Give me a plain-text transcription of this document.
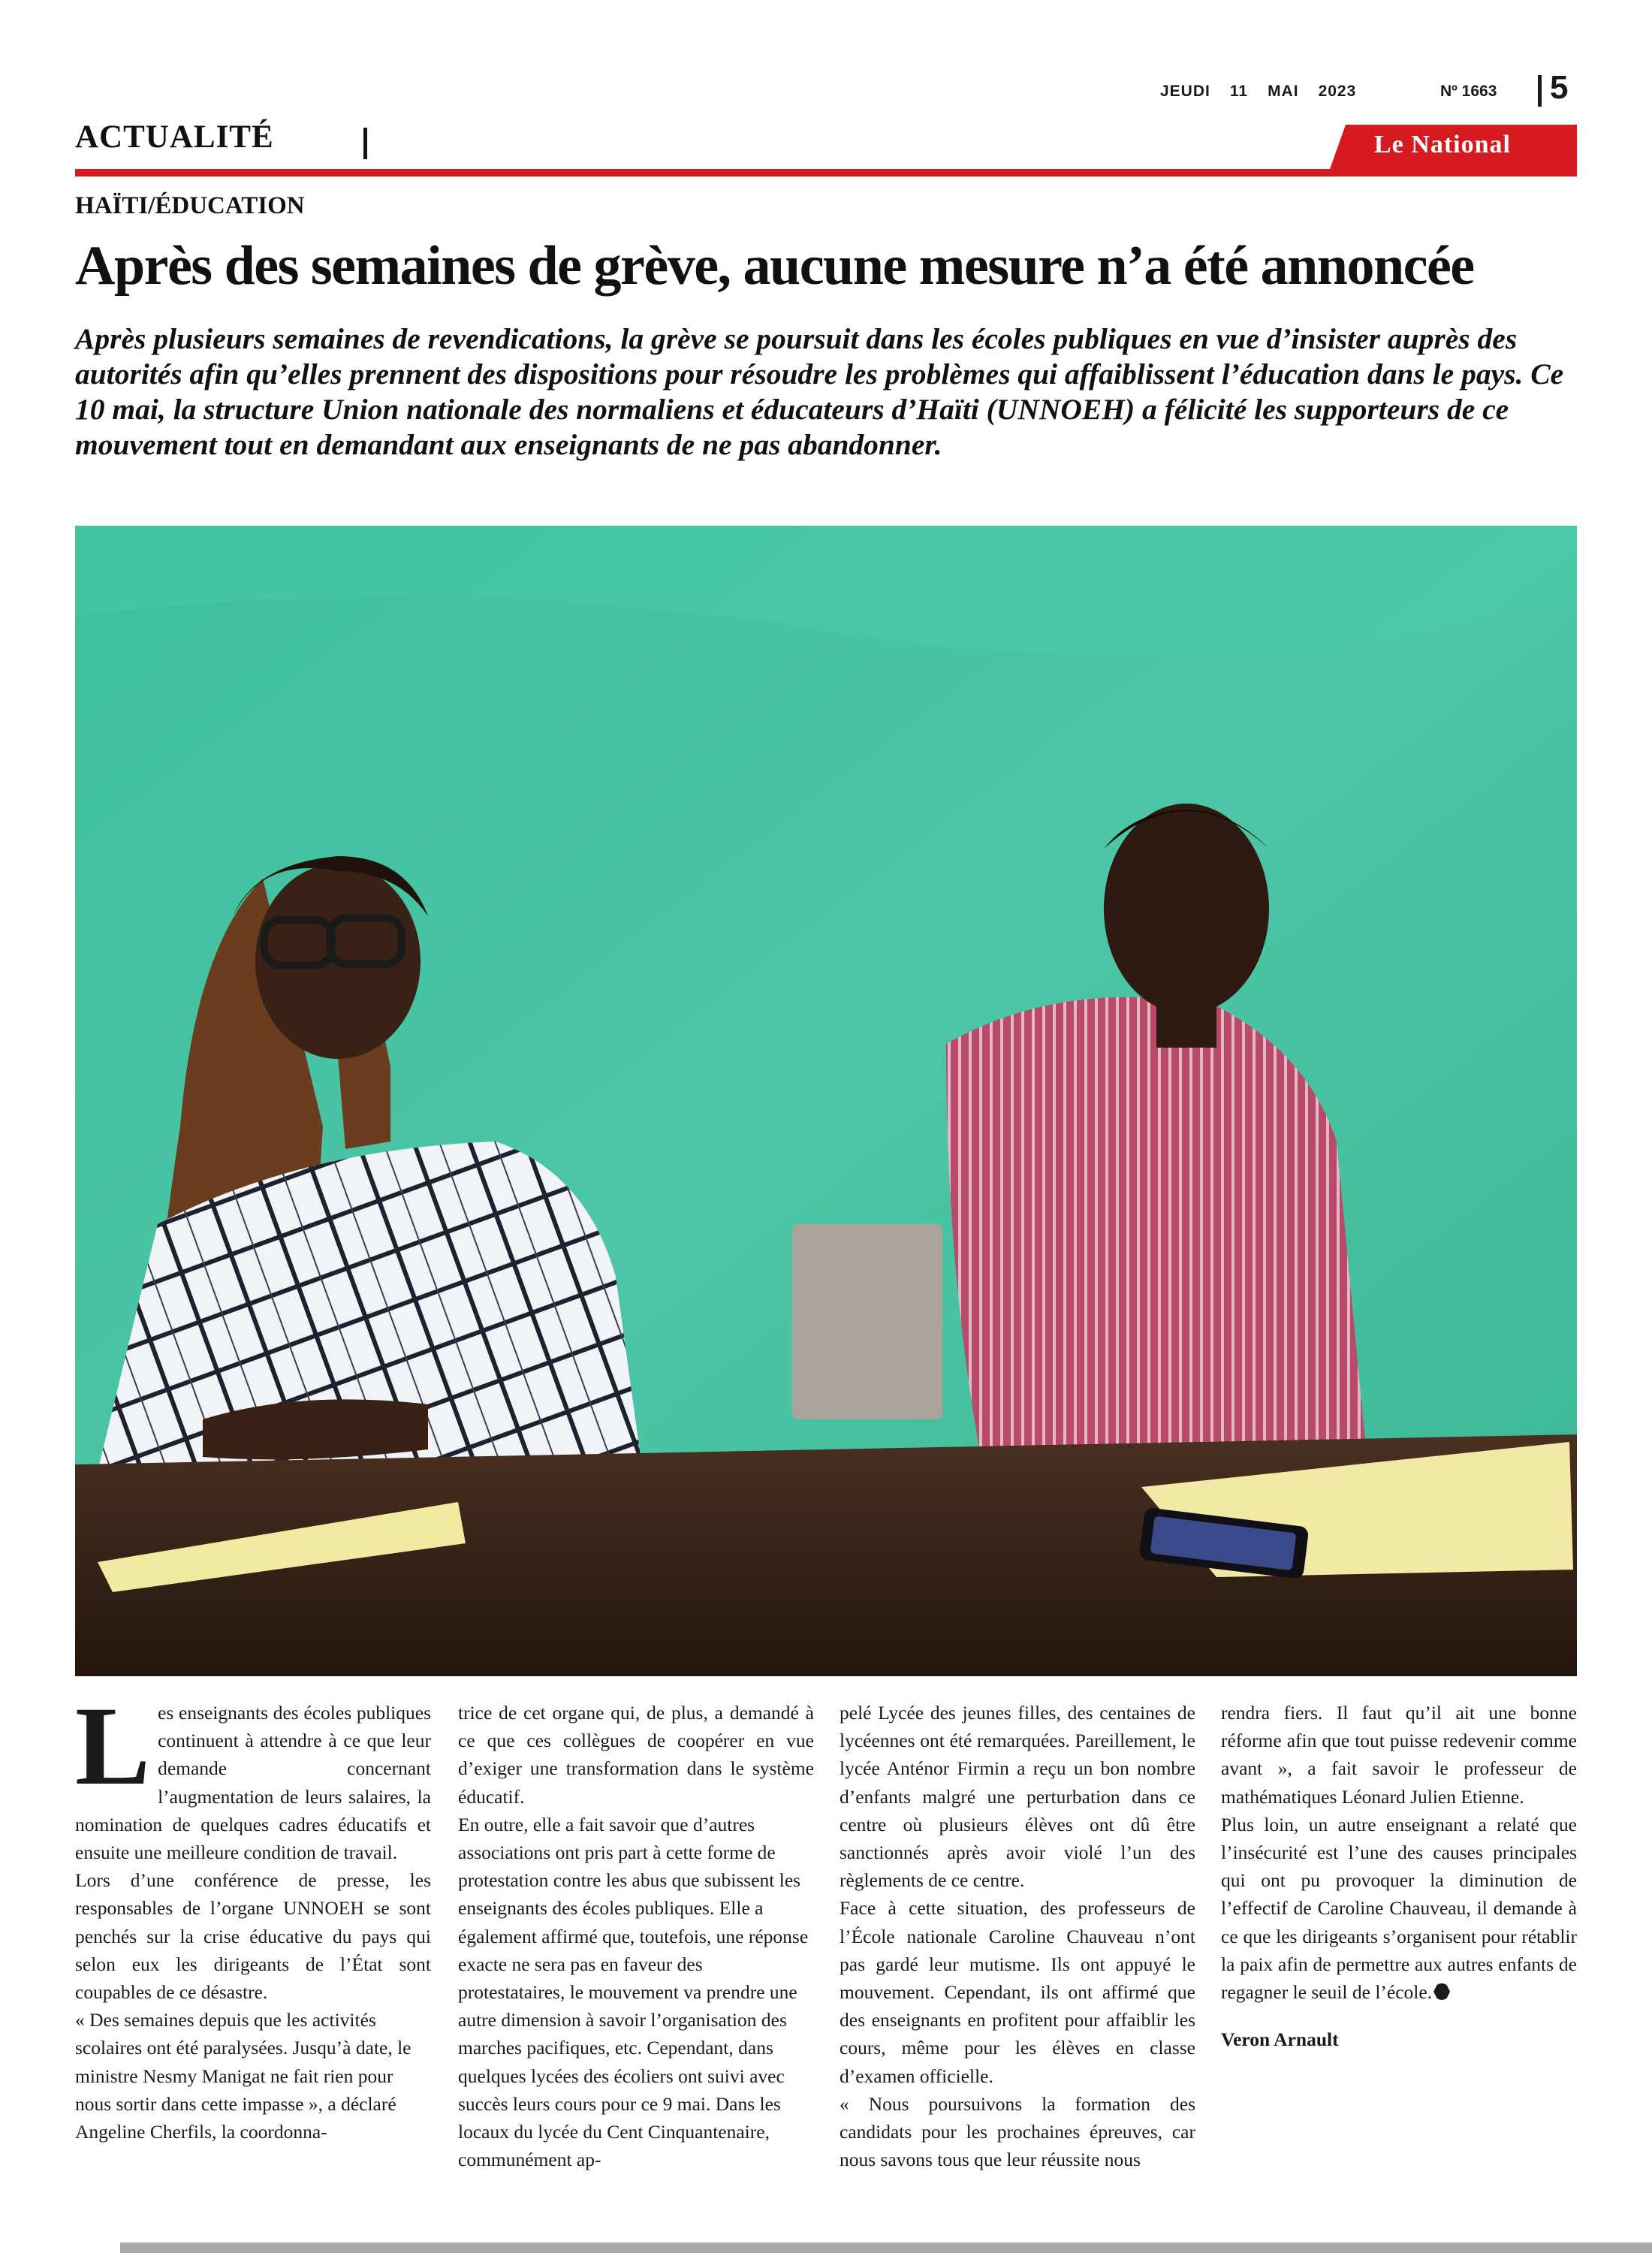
JEUDI 11 MAI 2023	Nº 1663 5
ACTUALITÉ	Le National
HAÏTI/ÉDUCATION
Après des semaines de grève, aucune mesure n’a été annoncée
Après plusieurs semaines de revendications, la grève se poursuit dans les écoles publiques en vue d’insister auprès des autorités afin qu’elles prennent des dispositions pour résoudre les problèmes qui affaiblissent l’éducation dans le pays. Ce 10 mai, la structure Union nationale des normaliens et éducateurs d’Haïti (UNNOEH) a félicité les supporteurs de ce mouvement tout en demandant aux enseignants de ne pas abandonner.

Les enseignants des écoles publiques continuent à attendre à ce que leur demande concernant l’augmentation de leurs salaires, la nomination de quelques cadres éducatifs et ensuite une meilleure condition de travail.

Lors d’une conférence de presse, les responsables de l’organe UNNOEH se sont penchés sur la crise éducative du pays qui selon eux les dirigeants de l’État sont coupables de ce désastre.

« Des semaines depuis que les activités scolaires ont été paralysées. Jusqu’à date, le ministre Nesmy Manigat ne fait rien pour nous sortir dans cette impasse », a déclaré Angeline Cherfils, la coordonna-

trice de cet organe qui, de plus, a demandé à ce que ces collègues de coopérer en vue d’exiger une transformation dans le système éducatif.

En outre, elle a fait savoir que d’autres associations ont pris part à cette forme de protestation contre les abus que subissent les enseignants des écoles publiques. Elle a également affirmé que, toutefois, une réponse exacte ne sera pas en faveur des protestataires, le mouvement va prendre une autre dimension à savoir l’organisation des marches pacifiques, etc. Cependant, dans quelques lycées des écoliers ont suivi avec succès leurs cours pour ce 9 mai. Dans les locaux du lycée du Cent Cinquantenaire, communément ap-

pelé Lycée des jeunes filles, des centaines de lycéennes ont été remarquées. Pareillement, le lycée Anténor Firmin a reçu un bon nombre d’enfants malgré une perturbation dans ce centre où plusieurs élèves ont dû être sanctionnés après avoir violé l’un des règlements de ce centre.

Face à cette situation, des professeurs de l’École nationale Caroline Chauveau n’ont pas gardé leur mutisme. Ils ont appuyé le mouvement. Cependant, ils ont affirmé que des enseignants en profitent pour affaiblir les cours, même pour les élèves en classe d’examen officielle.

« Nous poursuivons la formation des candidats pour les prochaines épreuves, car nous savons tous que leur réussite nous

rendra fiers. Il faut qu’il ait une bonne réforme afin que tout puisse redevenir comme avant », a fait savoir le professeur de mathématiques Léonard Julien Etienne.

Plus loin, un autre enseignant a relaté que l’insécurité est l’une des causes principales qui ont pu provoquer la diminution de l’effectif de Caroline Chauveau, il demande à ce que les dirigeants s’organisent pour rétablir la paix afin de permettre aux autres enfants de regagner le seuil de l’école.

Veron Arnault
